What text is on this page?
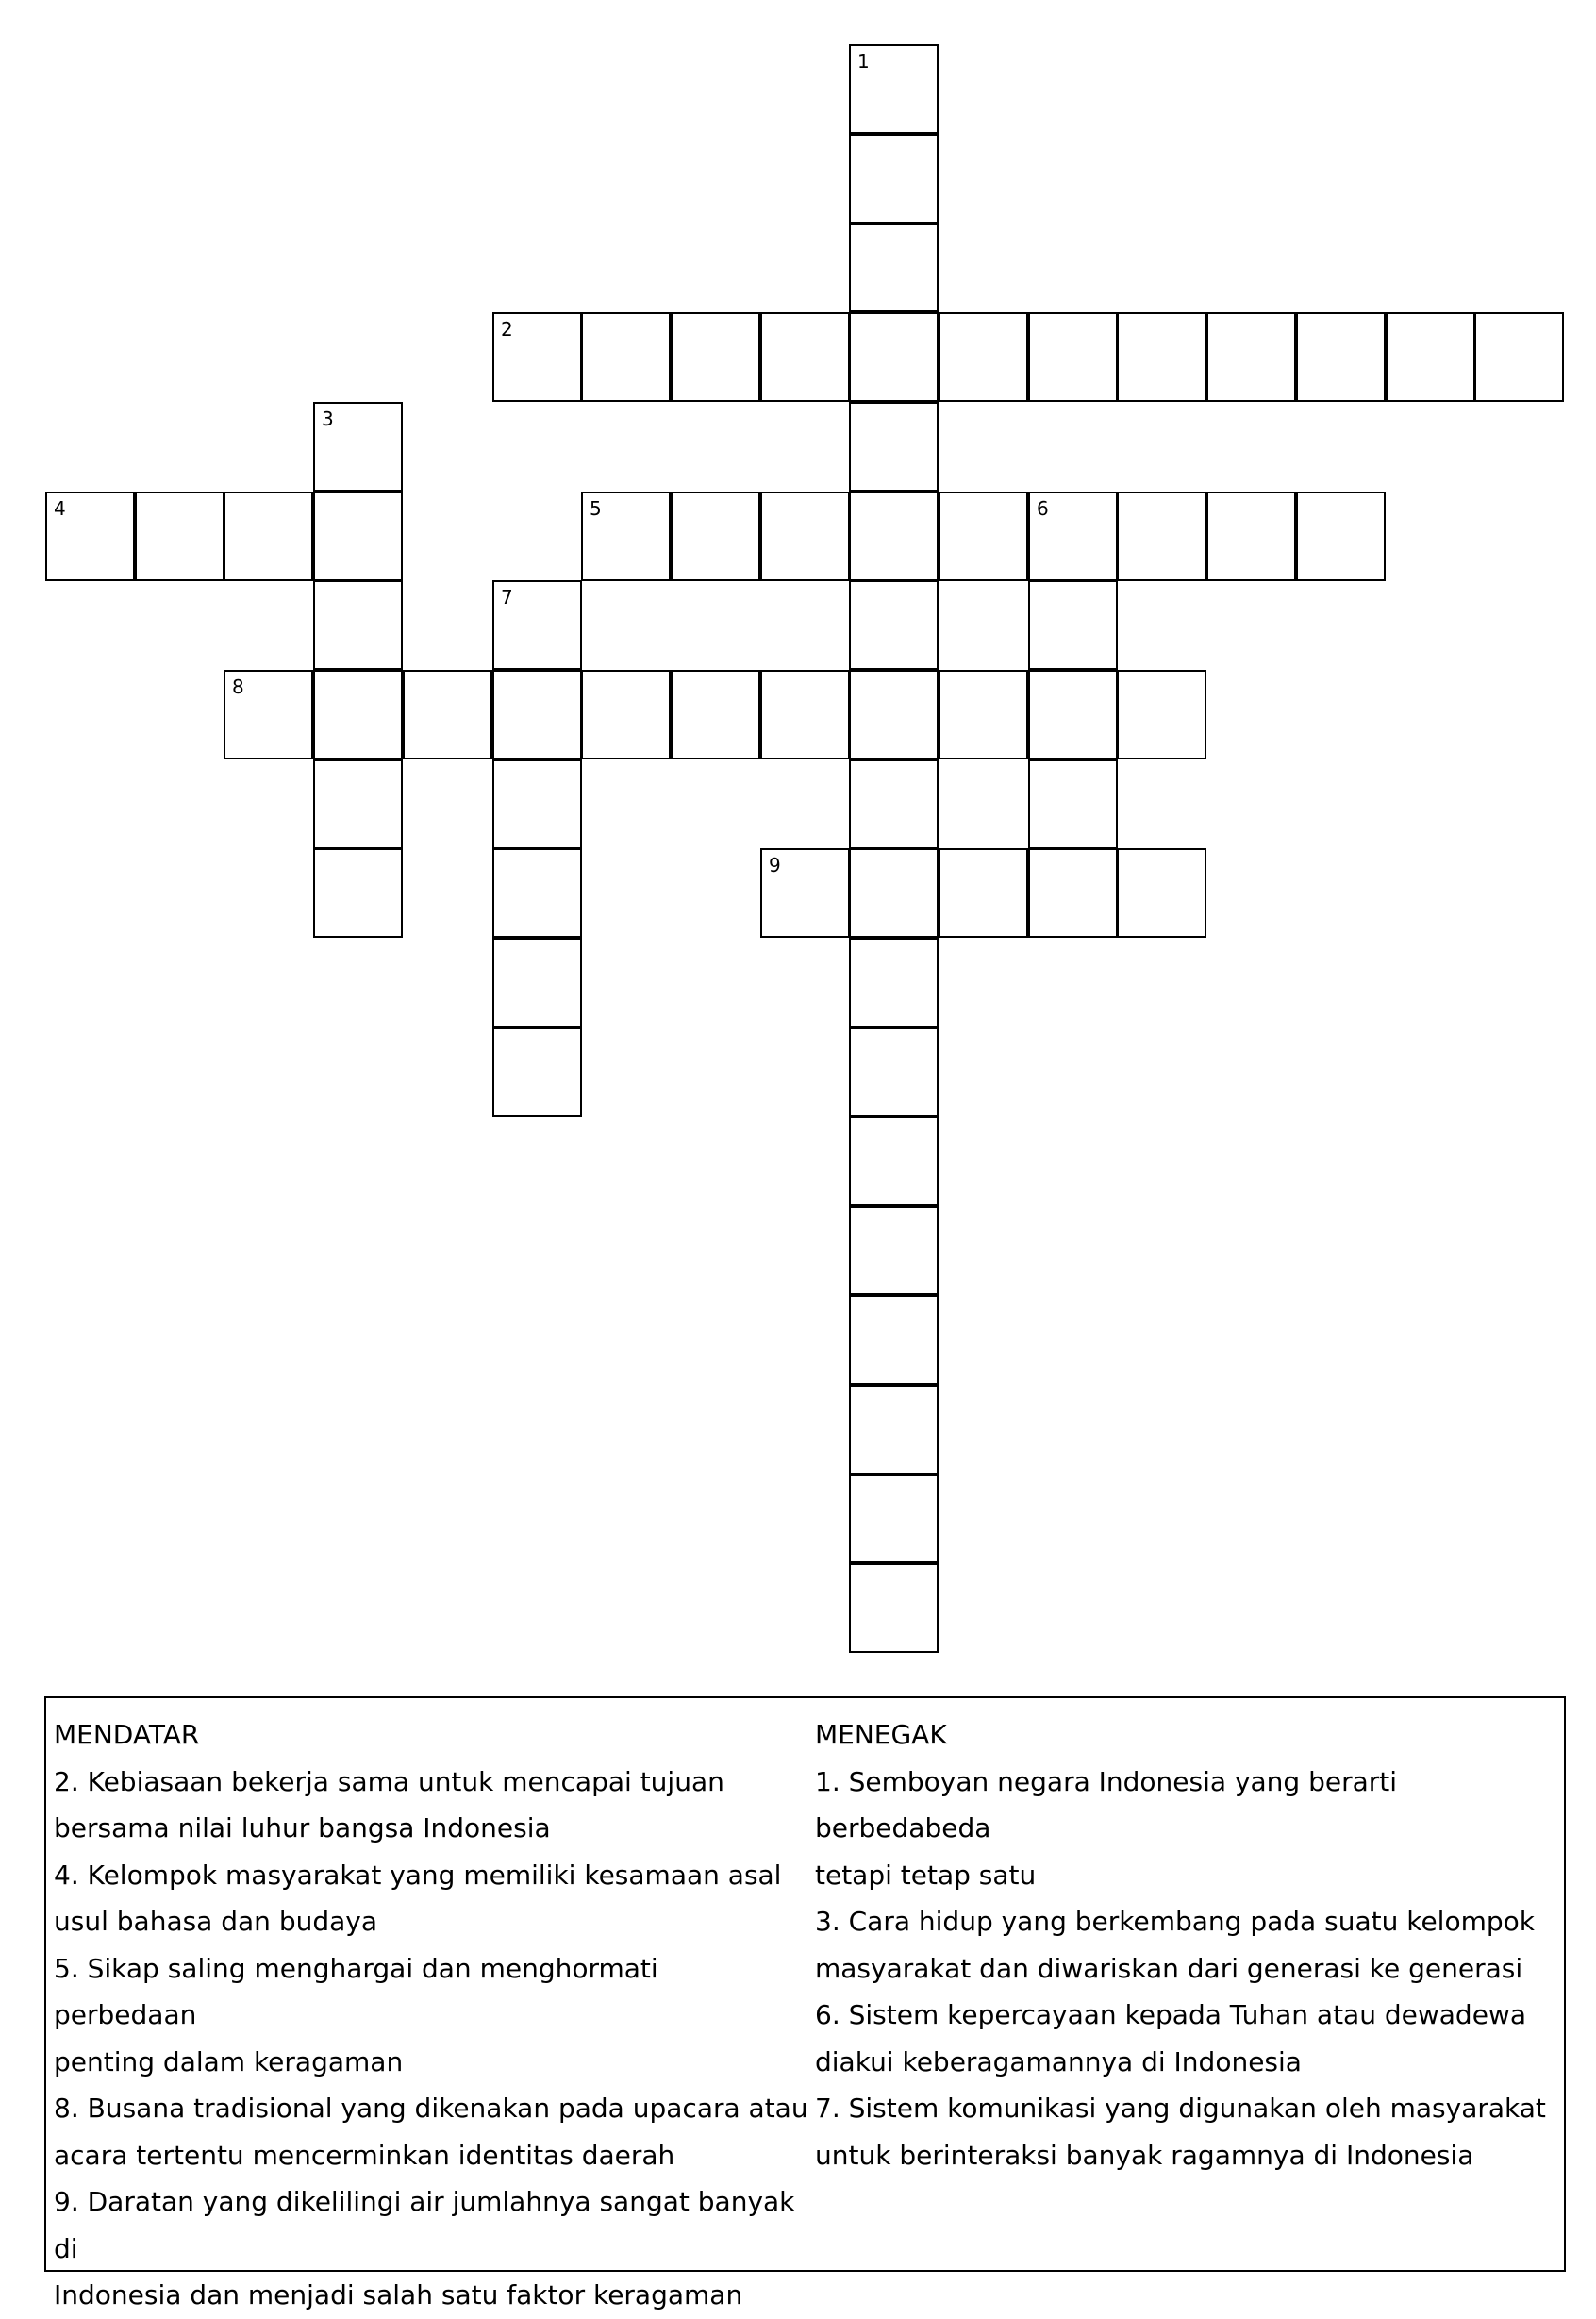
1
2
3
4	5	6
7
8
9
MENDATAR
2. Kebiasaan bekerja sama untuk mencapai tujuan
bersama nilai luhur bangsa Indonesia
4. Kelompok masyarakat yang memiliki kesamaan asal
usul bahasa dan budaya
5. Sikap saling menghargai dan menghormati perbedaan
penting dalam keragaman
8. Busana tradisional yang dikenakan pada upacara atau
acara tertentu mencerminkan identitas daerah
9. Daratan yang dikelilingi air jumlahnya sangat banyak di
Indonesia dan menjadi salah satu faktor keragaman
MENEGAK
1. Semboyan negara Indonesia yang berarti berbedabeda
tetapi tetap satu
3. Cara hidup yang berkembang pada suatu kelompok
masyarakat dan diwariskan dari generasi ke generasi
6. Sistem kepercayaan kepada Tuhan atau dewadewa
diakui keberagamannya di Indonesia
7. Sistem komunikasi yang digunakan oleh masyarakat
untuk berinteraksi banyak ragamnya di Indonesia
